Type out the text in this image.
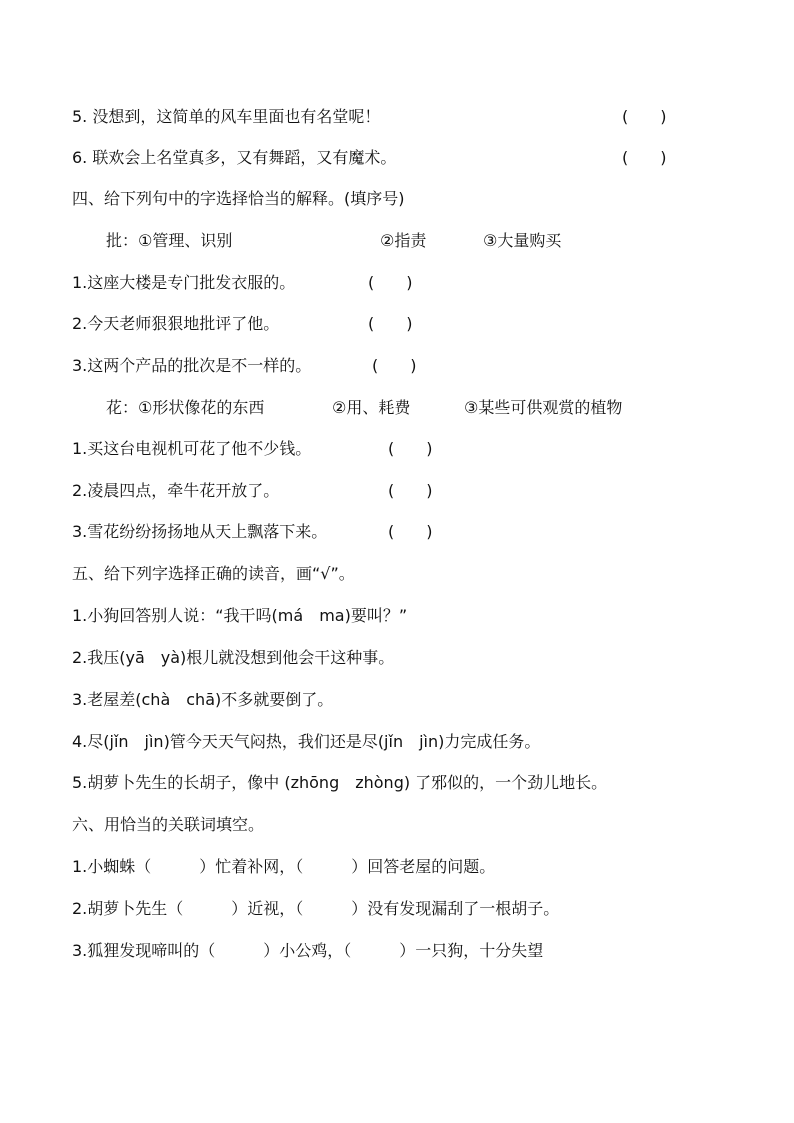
5. 没想到，这简单的风车里面也有名堂呢！	(　　)
6. 联欢会上名堂真多，又有舞蹈，又有魔术。	(　　)
四、给下列句中的字选择恰当的解释。(填序号)
批：①管理、识别	②指责	③大量购买
1.这座大楼是专门批发衣服的。	(　　)
2.今天老师狠狠地批评了他。	(　　)
3.这两个产品的批次是不一样的。	(　　)
花：①形状像花的东西	②用、耗费	③某些可供观赏的植物
1.买这台电视机可花了他不少钱。	(　　)
2.凌晨四点，牵牛花开放了。	(　　)
3.雪花纷纷扬扬地从天上飘落下来。	(　　)
五、给下列字选择正确的读音，画“√”。
1.小狗回答别人说：“我干吗(má　ma)要叫？”
2.我压(yā　yà)根儿就没想到他会干这种事。
3.老屋差(chà　chā)不多就要倒了。
4.尽(jǐn　jìn)管今天天气闷热，我们还是尽(jǐn　jìn)力完成任务。
5.胡萝卜先生的长胡子，像中 (zhōng　zhòng) 了邪似的，一个劲儿地长。
六、用恰当的关联词填空。
1.小蜘蛛（　　　）忙着补网，（　　　）回答老屋的问题。
2.胡萝卜先生（　　　）近视，（　　　）没有发现漏刮了一根胡子。
3.狐狸发现啼叫的（　　　）小公鸡，（　　　）一只狗，十分失望
